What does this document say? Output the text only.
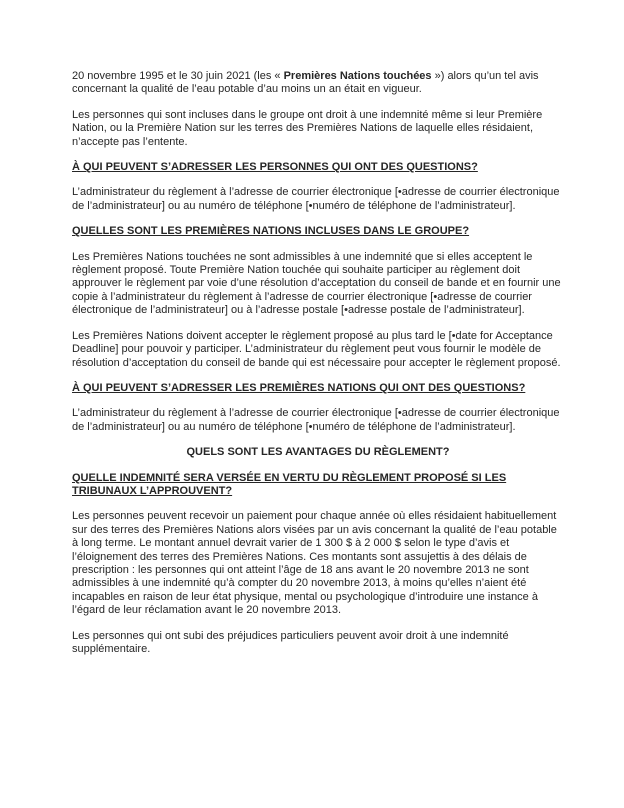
20 novembre 1995 et le 30 juin 2021 (les « Premières Nations touchées ») alors qu’un tel avis concernant la qualité de l’eau potable d’au moins un an était en vigueur.

Les personnes qui sont incluses dans le groupe ont droit à une indemnité même si leur Première Nation, ou la Première Nation sur les terres des Premières Nations de laquelle elles résidaient, n’accepte pas l’entente.

À QUI PEUVENT S’ADRESSER LES PERSONNES QUI ONT DES QUESTIONS?

L’administrateur du règlement à l’adresse de courrier électronique [•adresse de courrier électronique de l’administrateur] ou au numéro de téléphone [•numéro de téléphone de l’administrateur].

QUELLES SONT LES PREMIÈRES NATIONS INCLUSES DANS LE GROUPE?

Les Premières Nations touchées ne sont admissibles à une indemnité que si elles acceptent le règlement proposé. Toute Première Nation touchée qui souhaite participer au règlement doit approuver le règlement par voie d’une résolution d’acceptation du conseil de bande et en fournir une copie à l’administrateur du règlement à l’adresse de courrier électronique [•adresse de courrier électronique de l’administrateur] ou à l’adresse postale [•adresse postale de l’administrateur].

Les Premières Nations doivent accepter le règlement proposé au plus tard le [•date for Acceptance Deadline] pour pouvoir y participer. L’administrateur du règlement peut vous fournir le modèle de résolution d’acceptation du conseil de bande qui est nécessaire pour accepter le règlement proposé.

À QUI PEUVENT S’ADRESSER LES PREMIÈRES NATIONS QUI ONT DES QUESTIONS?

L’administrateur du règlement à l’adresse de courrier électronique [•adresse de courrier électronique de l’administrateur] ou au numéro de téléphone [•numéro de téléphone de l’administrateur].

QUELS SONT LES AVANTAGES DU RÈGLEMENT?
QUELLE INDEMNITÉ SERA VERSÉE EN VERTU DU RÈGLEMENT PROPOSÉ SI LES TRIBUNAUX L’APPROUVENT?

Les personnes peuvent recevoir un paiement pour chaque année où elles résidaient habituellement sur des terres des Premières Nations alors visées par un avis concernant la qualité de l’eau potable à long terme. Le montant annuel devrait varier de 1 300 $ à 2 000 $ selon le type d’avis et l’éloignement des terres des Premières Nations. Ces montants sont assujettis à des délais de prescription : les personnes qui ont atteint l’âge de 18 ans avant le 20 novembre 2013 ne sont admissibles à une indemnité qu’à compter du 20 novembre 2013, à moins qu’elles n’aient été incapables en raison de leur état physique, mental ou psychologique d’introduire une instance à l’égard de leur réclamation avant le 20 novembre 2013.

Les personnes qui ont subi des préjudices particuliers peuvent avoir droit à une indemnité supplémentaire.
